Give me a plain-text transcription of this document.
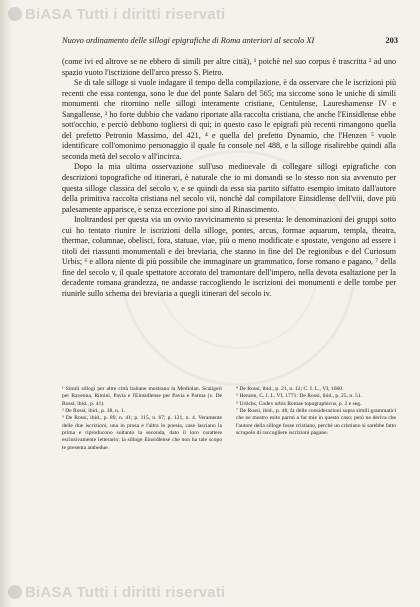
BiASA Tutti i diritti riservati
Nuovo ordinamento delle sillogi epigrafiche di Roma anteriori al secolo XI	203

(come ivi ed altrove se ne ebbero di simili per altre città), ¹ poichè nel suo corpus è trascritta ² ad uno spazio vuoto l'iscrizione dell'arco presso S. Pietro.

Se di tale silloge si vuole indagare il tempo della compilazione, è da osservare che le iscrizioni più recenti che essa contenga, sono le due del ponte Salaro del 565; ma siccome sono le uniche di simili monumenti che ritornino nelle sillogi interamente cristiane, Centulense, Laureshamense IV e Sangallense, ³ ho forte dubbio che vadano riportate alla raccolta cristiana, che anche l'Einsidlense ebbe sott'occhio, e perciò debbono togliersi di qui; in questo caso le epigrafi più recenti rimangono quella del prefetto Petronio Massimo, del 421, ⁴ e quella del prefetto Dynamio, che l'Henzen ⁵ vuole identificare coll'omonimo personaggio il quale fu console nel 488, e la silloge risalirebbe quindi alla seconda metà del secolo v all'incirca.

Dopo la mia ultima osservazione sull'uso medioevale di collegare sillogi epigrafiche con descrizioni topografiche od itinerari, è naturale che io mi domandi se lo stesso non sia avvenuto per questa silloge classica del secolo v, e se quindi da essa sia partito siffatto esempio imitato dall'autore della primitiva raccolta cristiana nel secolo vii, nonchè dal compilatore Einsidlense dell'viii, dove più palesamente apparisce, e senza eccezione poi sino al Rinascimento.

Inoltrandosi per questa via un ovvio ravvicinamento si presenta: le denominazioni dei gruppi sotto cui ho tentato riunire le iscrizioni della silloge, pontes, arcus, formae aquarum, templa, theatra, thermae, columnae, obelisci, fora, statuae, viae, più o meno modificate e spostate, vengono ad essere i titoli dei riassunti monumentali e dei breviaria, che stanno in fine del De regionibus e del Curiosum Urbis; ⁶ e allora niente di più possibile che immaginare un grammatico, forse romano e pagano, ⁷ della fine del secolo v, il quale spettatore accorato del tramontare dell'impero, nella devota esaltazione per la decadente romana grandezza, ne andasse raccogliendo le iscrizioni dei monumenti e delle tombe per riunirle sullo schema dei breviaria a quegli itinerari del secolo iv.

¹ Simili sillogi per altre città italiane mostrano la Mediolan. Scaligeri per Ravenna, Rimini, Pavia e l'Einsidlense per Pavia e Parma (v. De Rossi, ibid., p. 41).

² De Rossi, ibid., p. 38, n. 1.

³ De Rossi, ibid., p. 89, n. 41; p. 115, n. 67; p. 121, n. 4. Veramente delle due iscrizioni, una in prosa e l'altra in poesia, case lasciano la prima e riproducono soltanto la seconda, dato il loro carattere esclusivamente letterario; la silloge Einsidlense che non ha tale scopo le presenta ambedue.

⁴ De Rossi, ibid., p. 21, n. 12; C. I. L., VI, 1660.

⁵ Henzen, C. I. L. VI, 1771: De Rossi, ibid., p. 25, n. 51.

⁶ Urlichs, Codex urbis Romae topographicus, p. 2 e seg.

⁷ De Rossi, ibid., p. 48, fa delle considerazioni sopra simili grammatici che ne mostro esito parmi a far mie in questo caso; però ne deriva che l'autore della silloge fosse cristiano, perchè un cristiano si sarebbe fatto scrupolo di raccogliere iscrizioni pagane.

BiASA Tutti i diritti riservati
